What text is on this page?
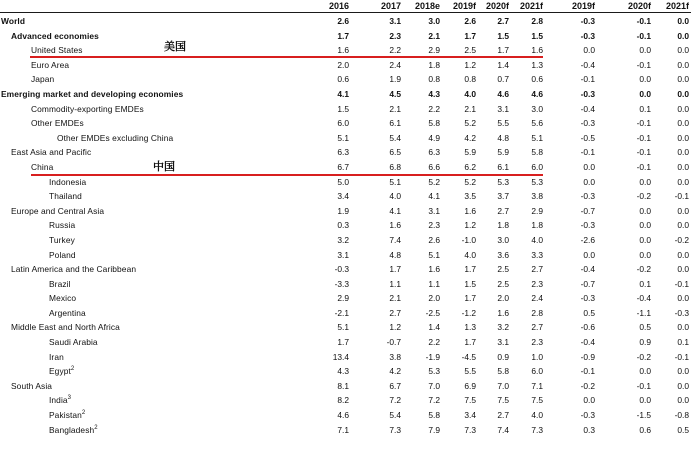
2016	2017	2018e	2019f	2020f	2021f	2019f	2020f	2021f
World	2.6	3.1	3.0	2.6	2.7	2.8	-0.3	-0.1	0.0
Advanced economies	1.7	2.3	2.1	1.7	1.5	1.5	-0.3	-0.1	0.0
United States	1.6	2.2	2.9	2.5	1.7	1.6	0.0	0.0	0.0
Euro Area	2.0	2.4	1.8	1.2	1.4	1.3	-0.4	-0.1	0.0
Japan	0.6	1.9	0.8	0.8	0.7	0.6	-0.1	0.0	0.0
Emerging market and developing economies	4.1	4.5	4.3	4.0	4.6	4.6	-0.3	0.0	0.0
Commodity-exporting EMDEs	1.5	2.1	2.2	2.1	3.1	3.0	-0.4	0.1	0.0
Other EMDEs	6.0	6.1	5.8	5.2	5.5	5.6	-0.3	-0.1	0.0
Other EMDEs excluding China	5.1	5.4	4.9	4.2	4.8	5.1	-0.5	-0.1	0.0
East Asia and Pacific	6.3	6.5	6.3	5.9	5.9	5.8	-0.1	-0.1	0.0
China	6.7	6.8	6.6	6.2	6.1	6.0	0.0	-0.1	0.0
Indonesia	5.0	5.1	5.2	5.2	5.3	5.3	0.0	0.0	0.0
Thailand	3.4	4.0	4.1	3.5	3.7	3.8	-0.3	-0.2	-0.1
Europe and Central Asia	1.9	4.1	3.1	1.6	2.7	2.9	-0.7	0.0	0.0
Russia	0.3	1.6	2.3	1.2	1.8	1.8	-0.3	0.0	0.0
Turkey	3.2	7.4	2.6	-1.0	3.0	4.0	-2.6	0.0	-0.2
Poland	3.1	4.8	5.1	4.0	3.6	3.3	0.0	0.0	0.0
Latin America and the Caribbean	-0.3	1.7	1.6	1.7	2.5	2.7	-0.4	-0.2	0.0
Brazil	-3.3	1.1	1.1	1.5	2.5	2.3	-0.7	0.1	-0.1
Mexico	2.9	2.1	2.0	1.7	2.0	2.4	-0.3	-0.4	0.0
Argentina	-2.1	2.7	-2.5	-1.2	1.6	2.8	0.5	-1.1	-0.3
Middle East and North Africa	5.1	1.2	1.4	1.3	3.2	2.7	-0.6	0.5	0.0
Saudi Arabia	1.7	-0.7	2.2	1.7	3.1	2.3	-0.4	0.9	0.1
Iran	13.4	3.8	-1.9	-4.5	0.9	1.0	-0.9	-0.2	-0.1
Egypt$^2$	4.3	4.2	5.3	5.5	5.8	6.0	-0.1	0.0	0.0
South Asia	8.1	6.7	7.0	6.9	7.0	7.1	-0.2	-0.1	0.0
India$^3$	8.2	7.2	7.2	7.5	7.5	7.5	0.0	0.0	0.0
Pakistan$^2$	4.6	5.4	5.8	3.4	2.7	4.0	-0.3	-1.5	-0.8
Bangladesh$^2$	7.1	7.3	7.9	7.3	7.4	7.3	0.3	0.6	0.5
美国
中国
